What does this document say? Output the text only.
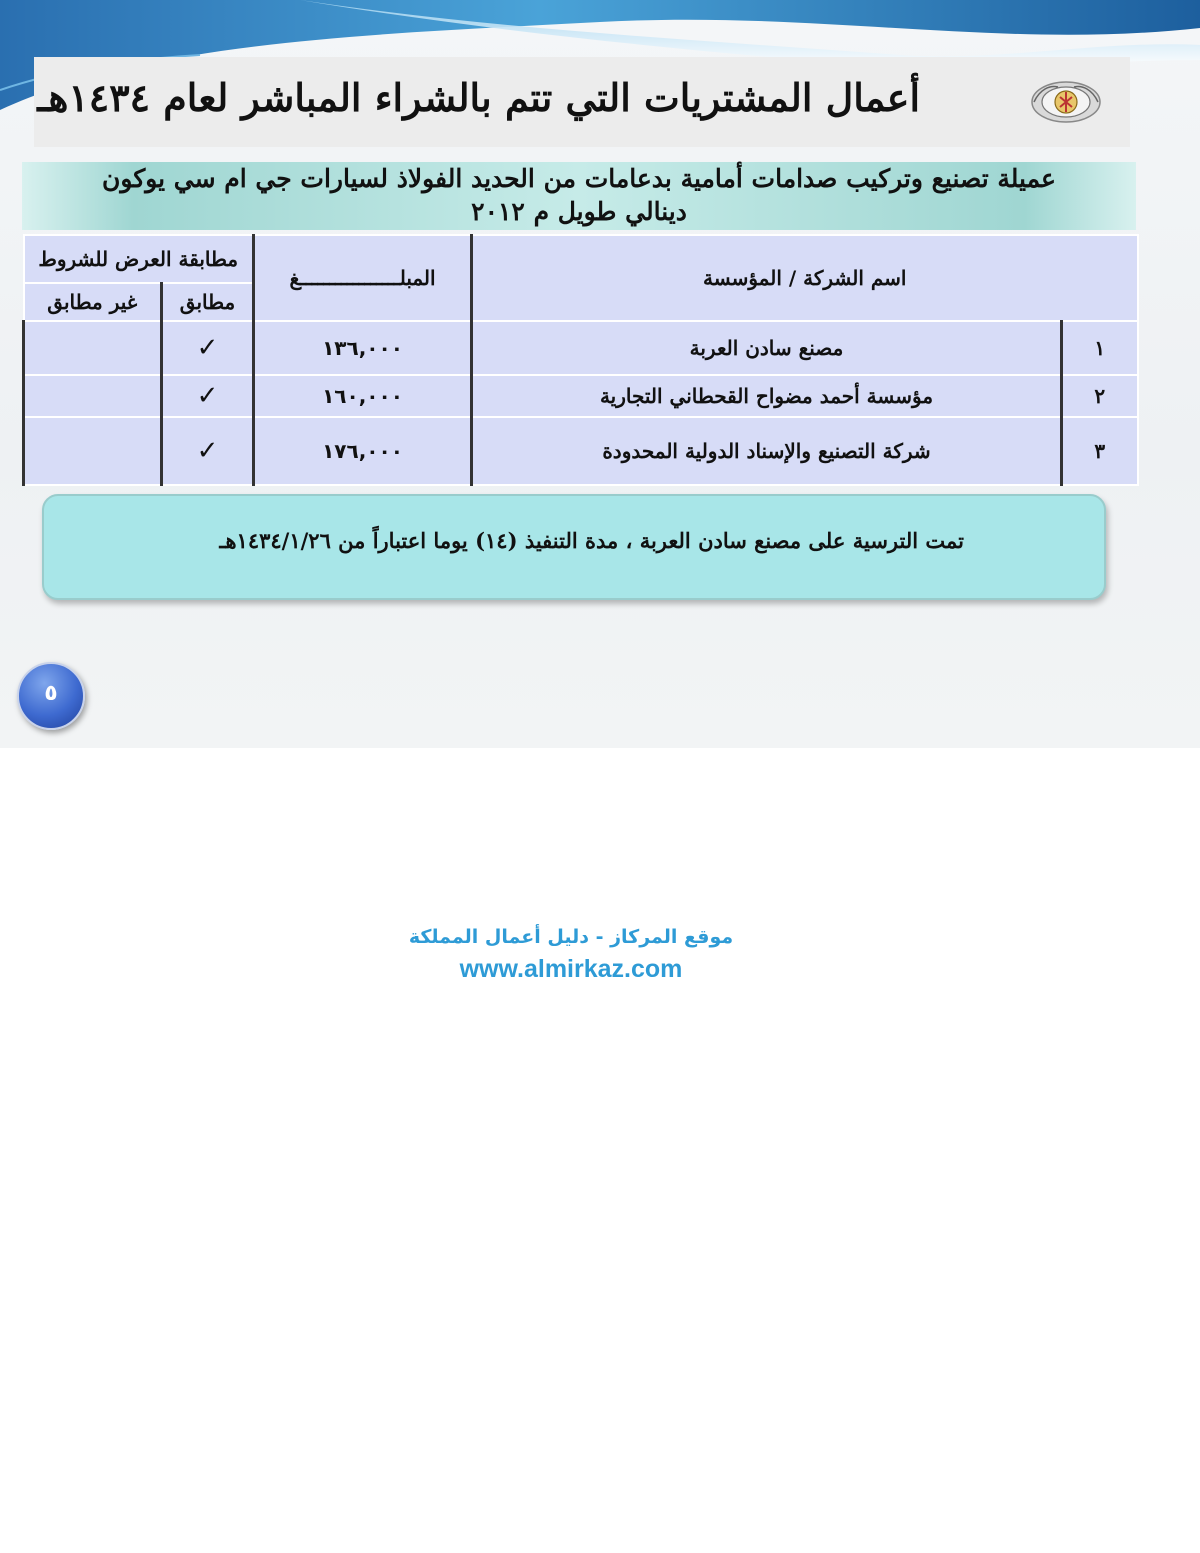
أعمال المشتريات التي تتم بالشراء المباشر لعام ١٤٣٤هـ
عميلة تصنيع وتركيب صدامات أمامية بدعامات من الحديد الفولاذ لسيارات جي ام سي يوكون
دينالي طويل م ٢٠١٢
اسم الشركة / المؤسسة		المبلـــــــــــــــــغ	مطابقة العرض للشروط	
			مطابق	غير مطابق
١	مصنع سادن العربة	١٣٦,٠٠٠	✓	
٢	مؤسسة أحمد مضواح القحطاني التجارية	١٦٠,٠٠٠	✓	
٣	شركة التصنيع والإسناد الدولية المحدودة	١٧٦,٠٠٠	✓	
تمت الترسية على مصنع سادن العربة ، مدة التنفيذ (١٤) يوما اعتباراً من ١٤٣٤/١/٢٦هـ
٥
موقع المركاز - دليل أعمال المملكة
www.almirkaz.com
